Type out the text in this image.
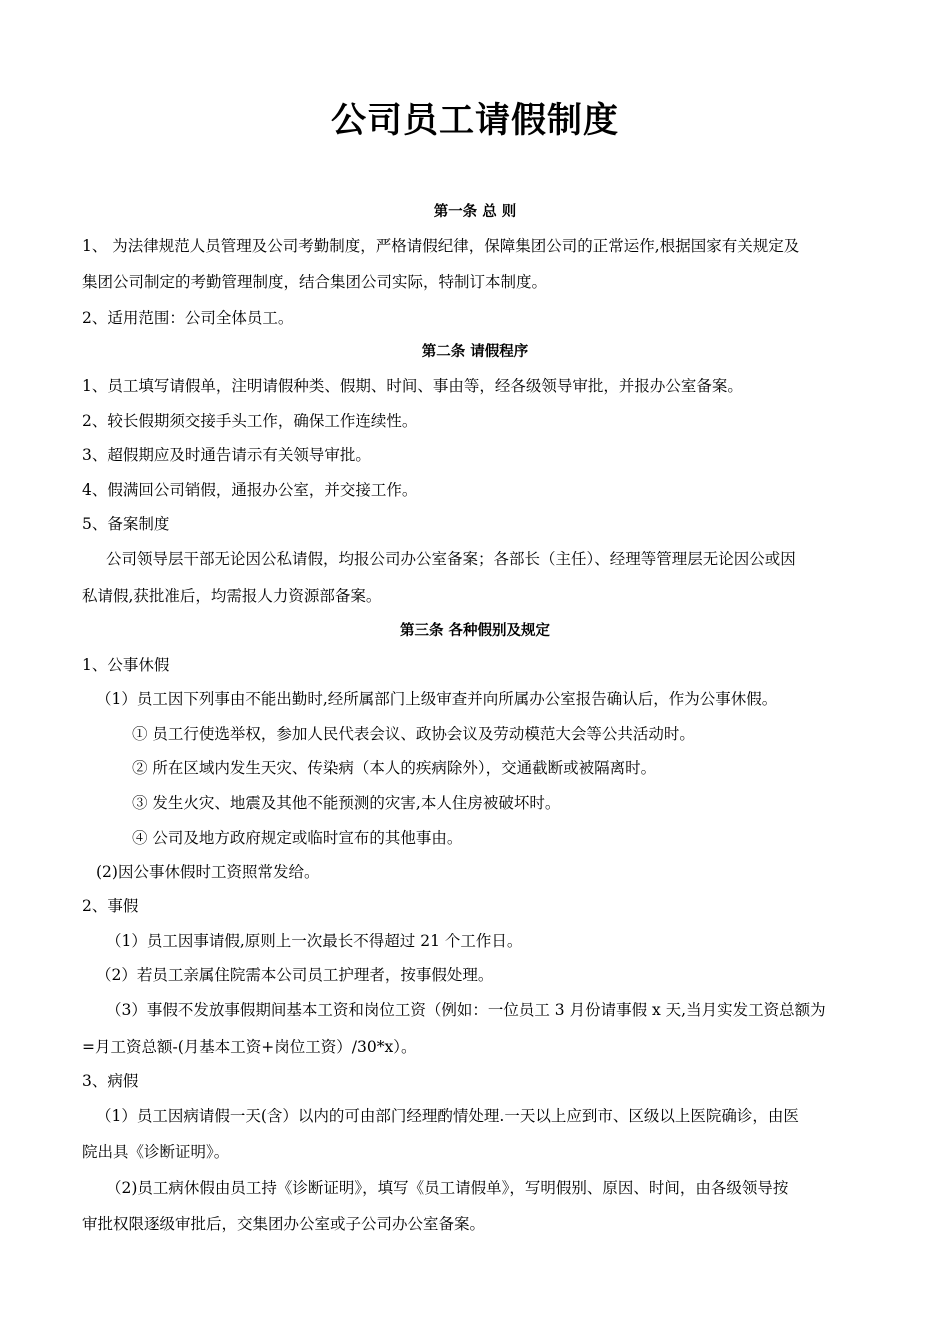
公司员工请假制度
第一条 总 则
1、 为法律规范人员管理及公司考勤制度，严格请假纪律，保障集团公司的正常运作,根据国家有关规定及
集团公司制定的考勤管理制度，结合集团公司实际，特制订本制度。
2、适用范围：公司全体员工。
第二条 请假程序
1、员工填写请假单，注明请假种类、假期、时间、事由等，经各级领导审批，并报办公室备案。
2、较长假期须交接手头工作，确保工作连续性。
3、超假期应及时通告请示有关领导审批。
4、假满回公司销假，通报办公室，并交接工作。
5、备案制度
公司领导层干部无论因公私请假，均报公司办公室备案；各部长（主任）、经理等管理层无论因公或因
私请假,获批准后，均需报人力资源部备案。
第三条 各种假别及规定
1、公事休假
（1）员工因下列事由不能出勤时,经所属部门上级审查并向所属办公室报告确认后，作为公事休假。
① 员工行使选举权，参加人民代表会议、政协会议及劳动模范大会等公共活动时。
② 所在区域内发生天灾、传染病（本人的疾病除外），交通截断或被隔离时。
③ 发生火灾、地震及其他不能预测的灾害,本人住房被破坏时。
④ 公司及地方政府规定或临时宣布的其他事由。
(2)因公事休假时工资照常发给。
2、事假
（1）员工因事请假,原则上一次最长不得超过 21 个工作日。
（2）若员工亲属住院需本公司员工护理者，按事假处理。
（3）事假不发放事假期间基本工资和岗位工资（例如：一位员工 3 月份请事假 x 天,当月实发工资总额为
=月工资总额-(月基本工资+岗位工资）/30*x）。
3、病假
（1）员工因病请假一天(含）以内的可由部门经理酌情处理.一天以上应到市、区级以上医院确诊，由医
院出具《诊断证明》。
（2)员工病休假由员工持《诊断证明》，填写《员工请假单》，写明假别、原因、时间，由各级领导按
审批权限逐级审批后，交集团办公室或子公司办公室备案。
